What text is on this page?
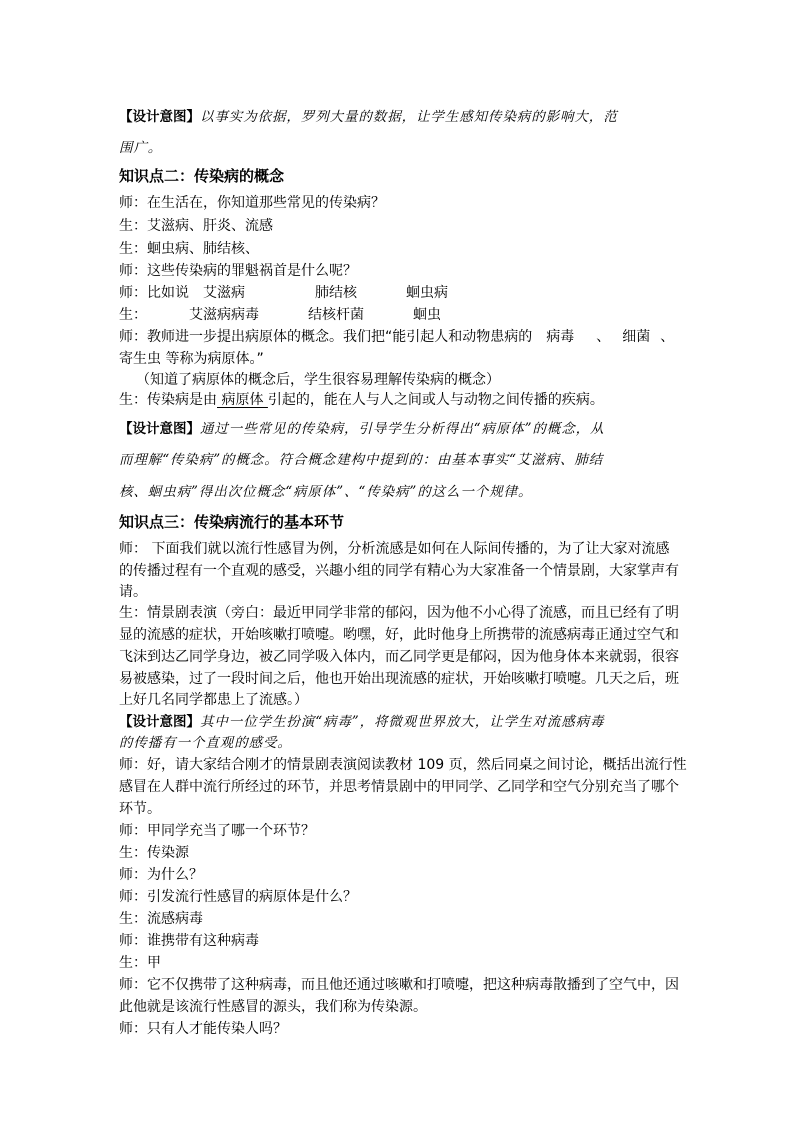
【设计意图】以事实为依据，罗列大量的数据，让学生感知传染病的影响大，范
围广。
知识点二：传染病的概念
师：在生活在，你知道那些常见的传染病？
生：艾滋病、肝炎、流感
生：蛔虫病、肺结核、
师：这些传染病的罪魁祸首是什么呢？
师：比如说 艾滋病	肺结核	蛔虫病
生：	艾滋病病毒	结核杆菌	蛔虫
师：教师进一步提出病原体的概念。我们把“能引起人和动物患病的 病毒 、 细菌 、
寄生虫 等称为病原体。”
（知道了病原体的概念后，学生很容易理解传染病的概念）
生：传染病是由 病原体 引起的，能在人与人之间或人与动物之间传播的疾病。
【设计意图】通过一些常见的传染病，引导学生分析得出“病原体”的概念，从
而理解“传染病”的概念。符合概念建构中提到的：由基本事实“艾滋病、肺结
核、蛔虫病”得出次位概念“病原体”、“传染病”的这么一个规律。
知识点三：传染病流行的基本环节
师： 下面我们就以流行性感冒为例，分析流感是如何在人际间传播的，为了让大家对流感
的传播过程有一个直观的感受，兴趣小组的同学有精心为大家准备一个情景剧，大家掌声有
请。
生：情景剧表演（旁白：最近甲同学非常的郁闷，因为他不小心得了流感，而且已经有了明
显的流感的症状，开始咳嗽打喷嚏。哟嘿，好，此时他身上所携带的流感病毒正通过空气和
飞沫到达乙同学身边，被乙同学吸入体内，而乙同学更是郁闷，因为他身体本来就弱，很容
易被感染，过了一段时间之后，他也开始出现流感的症状，开始咳嗽打喷嚏。几天之后，班
上好几名同学都患上了流感。）
【设计意图】其中一位学生扮演“病毒”，将微观世界放大，让学生对流感病毒
的传播有一个直观的感受。
师：好，请大家结合刚才的情景剧表演阅读教材 109 页，然后同桌之间讨论，概括出流行性
感冒在人群中流行所经过的环节，并思考情景剧中的甲同学、乙同学和空气分别充当了哪个
环节。
师：甲同学充当了哪一个环节？
生：传染源
师：为什么？
师：引发流行性感冒的病原体是什么？
生：流感病毒
师：谁携带有这种病毒
生：甲
师：它不仅携带了这种病毒，而且他还通过咳嗽和打喷嚏，把这种病毒散播到了空气中，因
此他就是该流行性感冒的源头，我们称为传染源。
师：只有人才能传染人吗？
